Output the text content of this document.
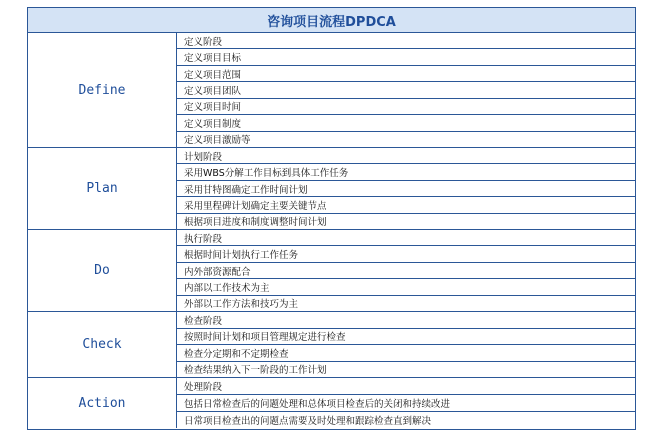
咨询项目流程DPDCA
Define
定义阶段
定义项目目标
定义项目范围
定义项目团队
定义项目时间
定义项目制度
定义项目激励等
Plan
计划阶段
采用WBS分解工作目标到具体工作任务
采用甘特图确定工作时间计划
采用里程碑计划确定主要关键节点
根据项目进度和制度调整时间计划
Do
执行阶段
根据时间计划执行工作任务
内外部资源配合
内部以工作技术为主
外部以工作方法和技巧为主
Check
检查阶段
按照时间计划和项目管理规定进行检查
检查分定期和不定期检查
检查结果纳入下一阶段的工作计划
Action
处理阶段
包括日常检查后的问题处理和总体项目检查后的关闭和持续改进
日常项目检查出的问题点需要及时处理和跟踪检查直到解决
